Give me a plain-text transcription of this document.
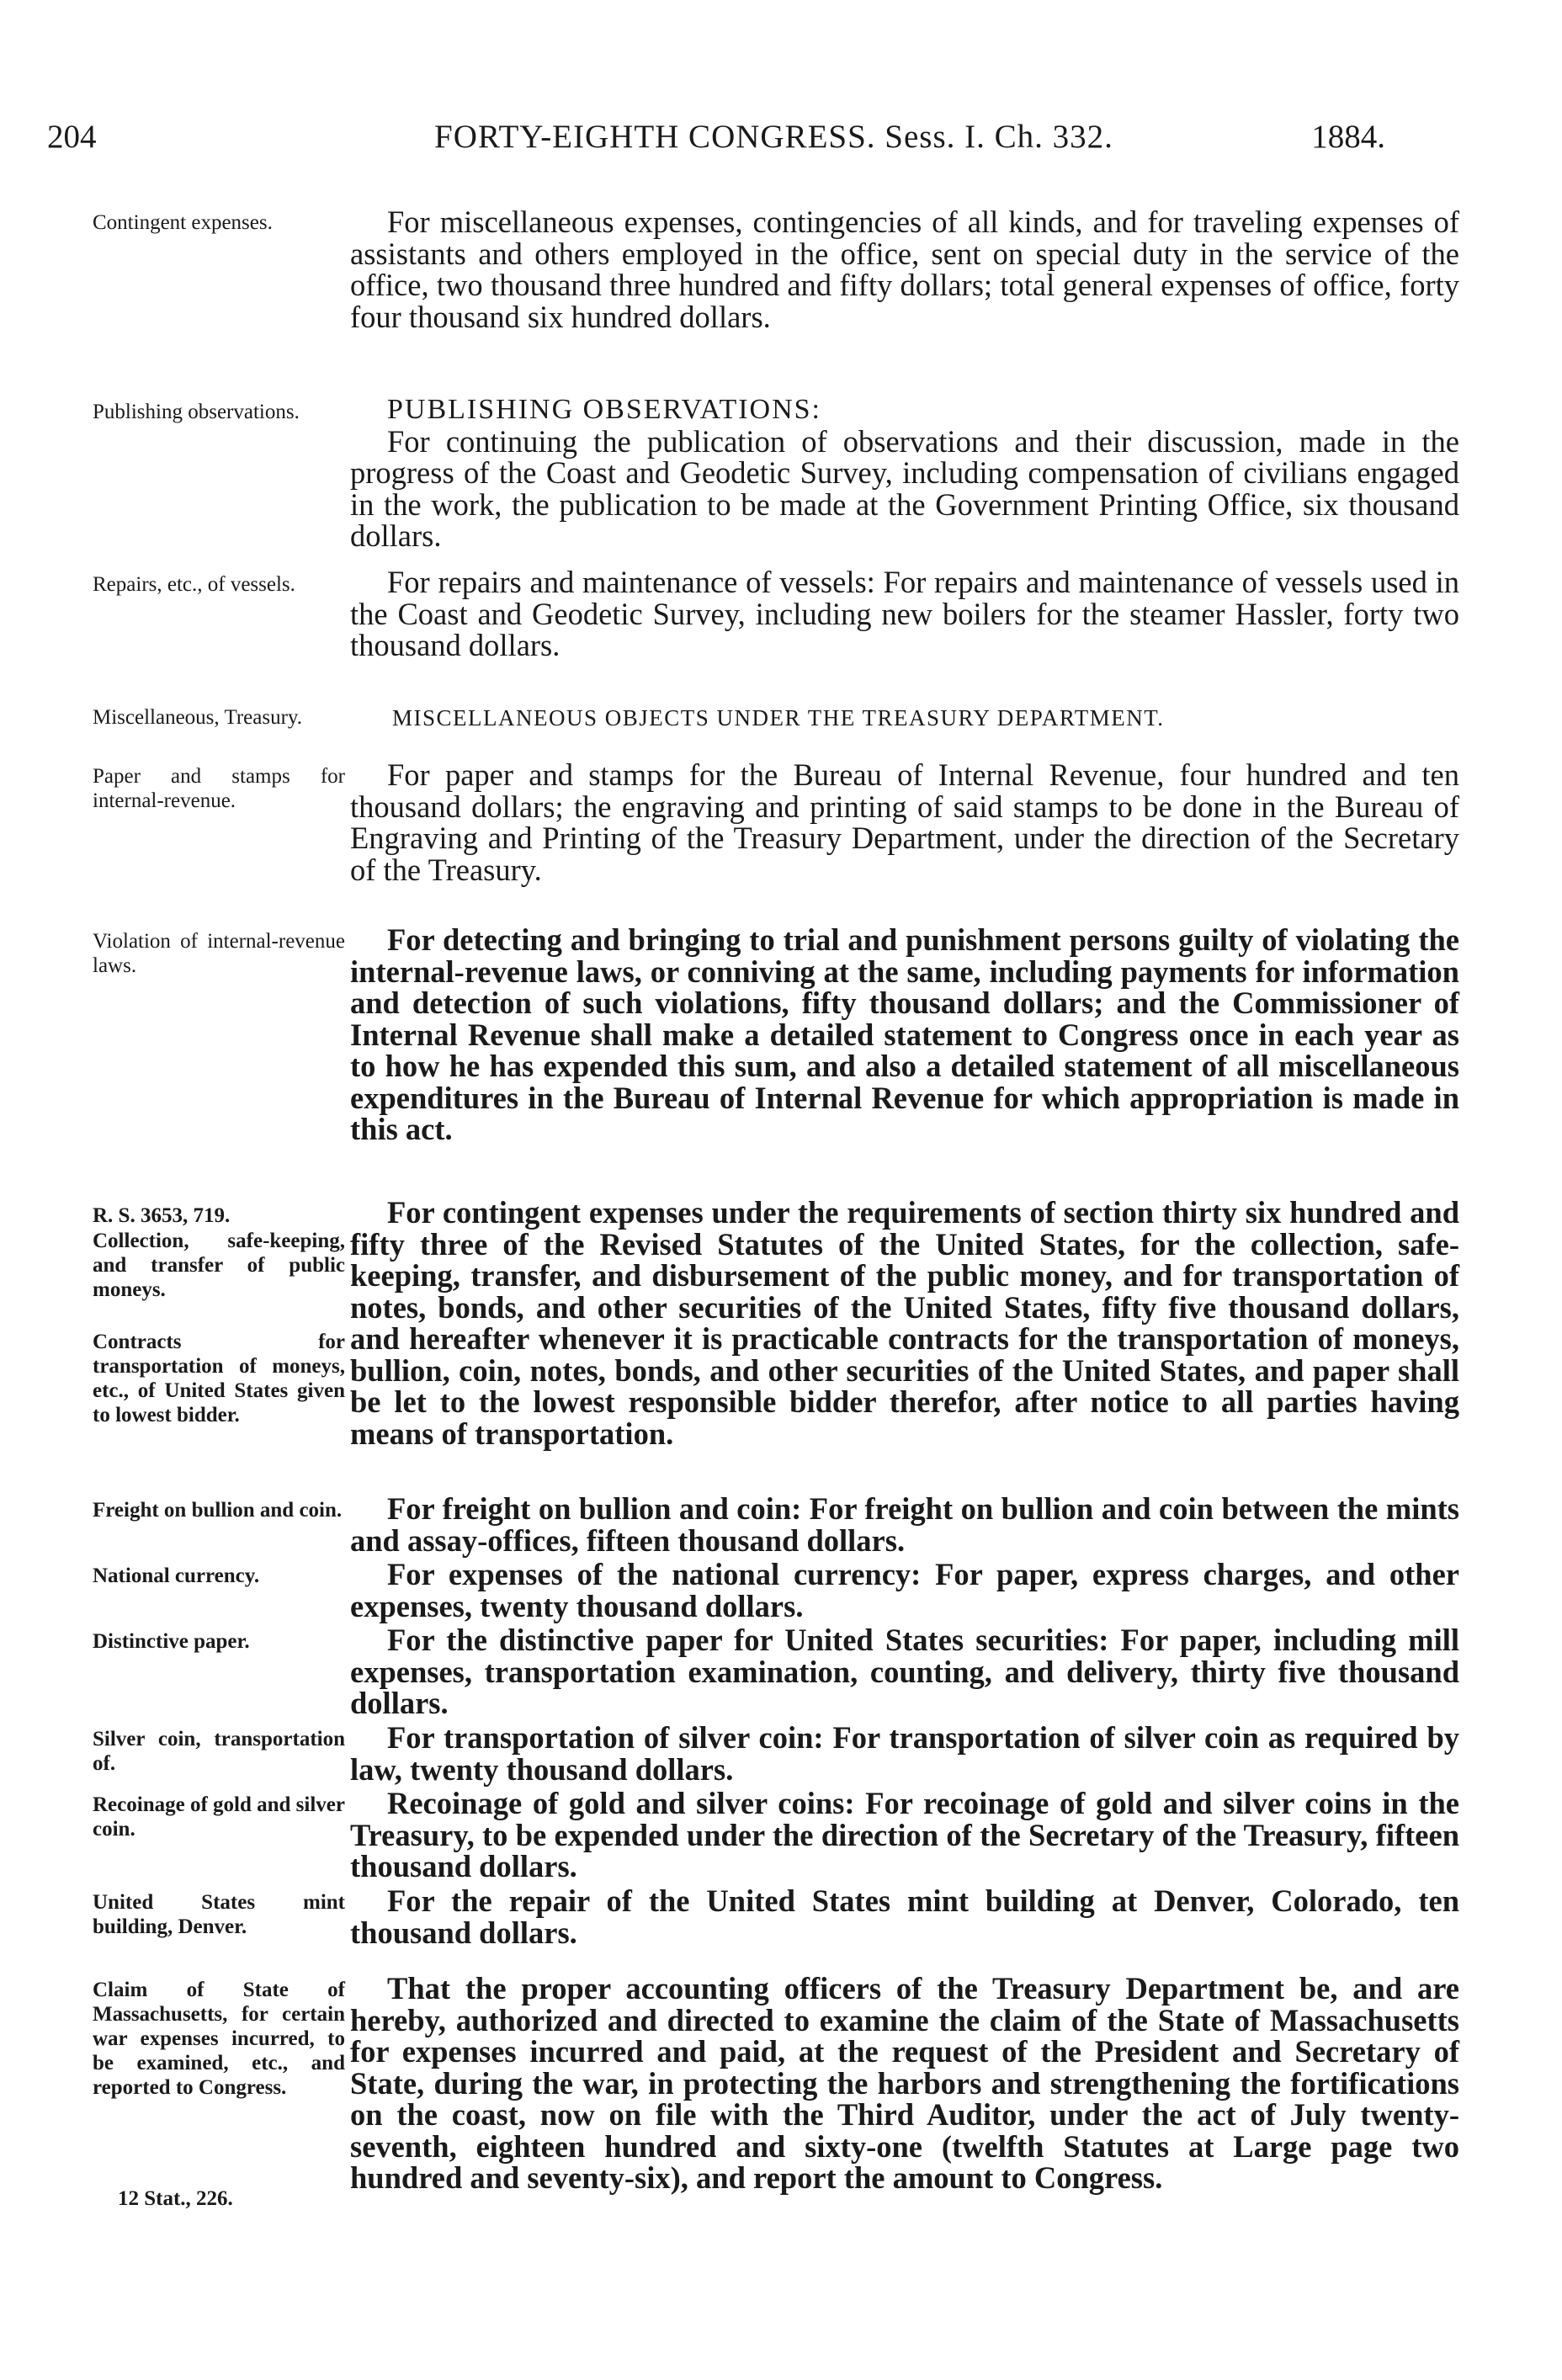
204	FORTY-EIGHTH CONGRESS. Sess. I. Ch. 332.	1884.
Contingent expenses.	For miscellaneous expenses, contingencies of all kinds, and for traveling expenses of assistants and others employed in the office, sent on special duty in the service of the office, two thousand three hundred and fifty dollars; total general expenses of office, forty four thousand six hundred dollars.
Publishing observations.	PUBLISHING OBSERVATIONS:
For continuing the publication of observations and their discussion, made in the progress of the Coast and Geodetic Survey, including compensation of civilians engaged in the work, the publication to be made at the Government Printing Office, six thousand dollars.
Repairs, etc., of vessels.	For repairs and maintenance of vessels: For repairs and maintenance of vessels used in the Coast and Geodetic Survey, including new boilers for the steamer Hassler, forty two thousand dollars.
Miscellaneous, Treasury.	MISCELLANEOUS OBJECTS UNDER THE TREASURY DEPARTMENT.
Paper and stamps for internal-revenue.
For paper and stamps for the Bureau of Internal Revenue, four hundred and ten thousand dollars; the engraving and printing of said stamps to be done in the Bureau of Engraving and Printing of the Treasury Department, under the direction of the Secretary of the Treasury.
Violation of internal-revenue laws.
For detecting and bringing to trial and punishment persons guilty of violating the internal-revenue laws, or conniving at the same, including payments for information and detection of such violations, fifty thousand dollars; and the Commissioner of Internal Revenue shall make a detailed statement to Congress once in each year as to how he has expended this sum, and also a detailed statement of all miscellaneous expenditures in the Bureau of Internal Revenue for which appropriation is made in this act.
R. S. 3653, 719.
Collection, safe-keeping, and transfer of public moneys.
Contracts for transportation of moneys, etc., of United States given to lowest bidder.
For contingent expenses under the requirements of section thirty six hundred and fifty three of the Revised Statutes of the United States, for the collection, safe-keeping, transfer, and disbursement of the public money, and for transportation of notes, bonds, and other securities of the United States, fifty five thousand dollars, and hereafter whenever it is practicable contracts for the transportation of moneys, bullion, coin, notes, bonds, and other securities of the United States, and paper shall be let to the lowest responsible bidder therefor, after notice to all parties having means of transportation.
Freight on bullion and coin.	For freight on bullion and coin: For freight on bullion and coin between the mints and assay-offices, fifteen thousand dollars.
National currency.	For expenses of the national currency: For paper, express charges, and other expenses, twenty thousand dollars.
Distinctive paper.	For the distinctive paper for United States securities: For paper, including mill expenses, transportation examination, counting, and delivery, thirty five thousand dollars.
Silver coin, transportation of.
For transportation of silver coin: For transportation of silver coin as required by law, twenty thousand dollars.
Recoinage of gold and silver coin.
Recoinage of gold and silver coins: For recoinage of gold and silver coins in the Treasury, to be expended under the direction of the Secretary of the Treasury, fifteen thousand dollars.
United States mint building, Denver.
For the repair of the United States mint building at Denver, Colorado, ten thousand dollars.
Claim of State of Massachusetts, for certain war expenses incurred, to be examined, etc., and reported to Congress.
12 Stat., 226.
That the proper accounting officers of the Treasury Department be, and are hereby, authorized and directed to examine the claim of the State of Massachusetts for expenses incurred and paid, at the request of the President and Secretary of State, during the war, in protecting the harbors and strengthening the fortifications on the coast, now on file with the Third Auditor, under the act of July twenty-seventh, eighteen hundred and sixty-one (twelfth Statutes at Large page two hundred and seventy-six), and report the amount to Congress.
